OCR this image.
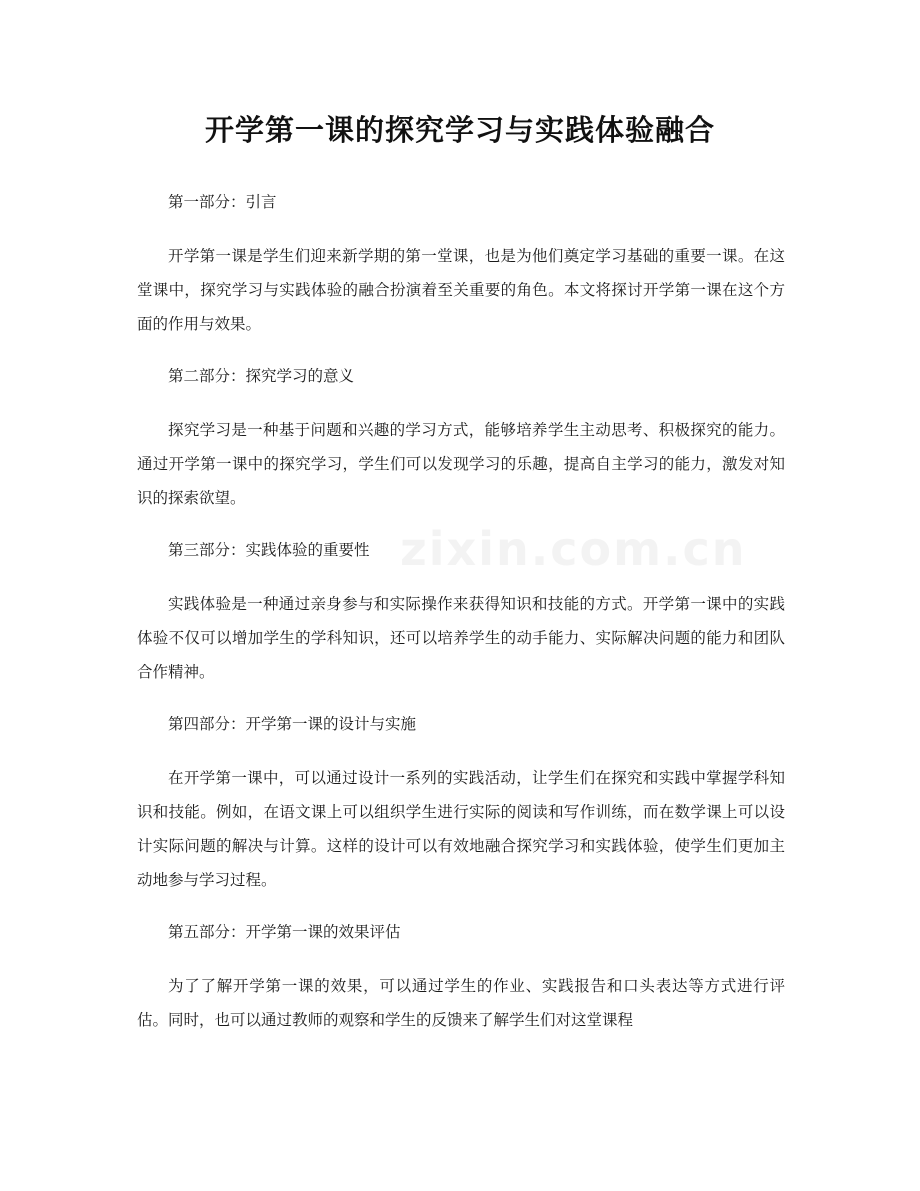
开学第一课的探究学习与实践体验融合
zixin.com.cn
第一部分：引言
开学第一课是学生们迎来新学期的第一堂课，也是为他们奠定学习基础的重要一课。在这堂课中，探究学习与实践体验的融合扮演着至关重要的角色。本文将探讨开学第一课在这个方面的作用与效果。
第二部分：探究学习的意义
探究学习是一种基于问题和兴趣的学习方式，能够培养学生主动思考、积极探究的能力。通过开学第一课中的探究学习，学生们可以发现学习的乐趣，提高自主学习的能力，激发对知识的探索欲望。
第三部分：实践体验的重要性
实践体验是一种通过亲身参与和实际操作来获得知识和技能的方式。开学第一课中的实践体验不仅可以增加学生的学科知识，还可以培养学生的动手能力、实际解决问题的能力和团队合作精神。
第四部分：开学第一课的设计与实施
在开学第一课中，可以通过设计一系列的实践活动，让学生们在探究和实践中掌握学科知识和技能。例如，在语文课上可以组织学生进行实际的阅读和写作训练，而在数学课上可以设计实际问题的解决与计算。这样的设计可以有效地融合探究学习和实践体验，使学生们更加主动地参与学习过程。
第五部分：开学第一课的效果评估
为了了解开学第一课的效果，可以通过学生的作业、实践报告和口头表达等方式进行评估。同时，也可以通过教师的观察和学生的反馈来了解学生们对这堂课程
